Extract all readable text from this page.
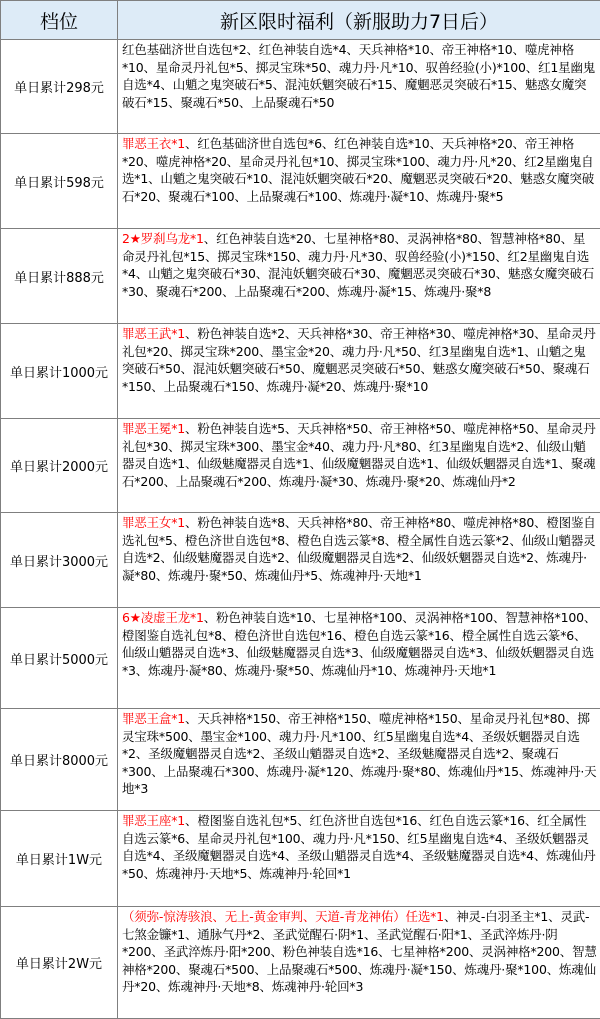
档位	新区限时福利（新服助力7日后）
单日累计298元	红色基础济世自选包*2、红色神装自选*4、天兵神格*10、帝王神格*10、噬虎神格*10、星命灵丹礼包*5、掷灵宝珠*50、魂力丹·凡*10、驭兽经验(小)*100、红1星幽鬼自选*4、山魈之鬼突破石*5、混沌妖魍突破石*15、魔魍恶灵突破石*15、魅惑女魔突破石*15、聚魂石*50、上品聚魂石*50
单日累计598元	罪恶王衣*1、红色基础济世自选包*6、红色神装自选*10、天兵神格*20、帝王神格*20、噬虎神格*20、星命灵丹礼包*10、掷灵宝珠*100、魂力丹·凡*20、红2星幽鬼自选*1、山魈之鬼突破石*10、混沌妖魍突破石*20、魔魍恶灵突破石*20、魅惑女魔突破石*20、聚魂石*100、上品聚魂石*100、炼魂丹·凝*10、炼魂丹·聚*5
单日累计888元	2★罗刹乌龙*1、红色神装自选*20、七星神格*80、灵涡神格*80、智慧神格*80、星命灵丹礼包*15、掷灵宝珠*150、魂力丹·凡*30、驭兽经验(小)*150、红2星幽鬼自选*4、山魈之鬼突破石*30、混沌妖魍突破石*30、魔魍恶灵突破石*30、魅惑女魔突破石*30、聚魂石*200、上品聚魂石*200、炼魂丹·凝*15、炼魂丹·聚*8
单日累计1000元	罪恶王武*1、粉色神装自选*2、天兵神格*30、帝王神格*30、噬虎神格*30、星命灵丹礼包*20、掷灵宝珠*200、墨宝金*20、魂力丹·凡*50、红3星幽鬼自选*1、山魈之鬼突破石*50、混沌妖魍突破石*50、魔魍恶灵突破石*50、魅惑女魔突破石*50、聚魂石*150、上品聚魂石*150、炼魂丹·凝*20、炼魂丹·聚*10
单日累计2000元	罪恶王冕*1、粉色神装自选*5、天兵神格*50、帝王神格*50、噬虎神格*50、星命灵丹礼包*30、掷灵宝珠*300、墨宝金*40、魂力丹·凡*80、红3星幽鬼自选*2、仙级山魈器灵自选*1、仙级魅魔器灵自选*1、仙级魔魍器灵自选*1、仙级妖魍器灵自选*1、聚魂石*200、上品聚魂石*200、炼魂丹·凝*30、炼魂丹·聚*20、炼魂仙丹*2
单日累计3000元	罪恶王女*1、粉色神装自选*8、天兵神格*80、帝王神格*80、噬虎神格*80、橙图鉴自选礼包*5、橙色济世自选包*8、橙色自选云篆*8、橙全属性自选云篆*2、仙级山魈器灵自选*2、仙级魅魔器灵自选*2、仙级魔魍器灵自选*2、仙级妖魍器灵自选*2、炼魂丹·凝*80、炼魂丹·聚*50、炼魂仙丹*5、炼魂神丹·天地*1
单日累计5000元	6★凌虚王龙*1、粉色神装自选*10、七星神格*100、灵涡神格*100、智慧神格*100、橙图鉴自选礼包*8、橙色济世自选包*16、橙色自选云篆*16、橙全属性自选云篆*6、仙级山魈器灵自选*3、仙级魅魔器灵自选*3、仙级魔魍器灵自选*3、仙级妖魍器灵自选*3、炼魂丹·凝*80、炼魂丹·聚*50、炼魂仙丹*10、炼魂神丹·天地*1
单日累计8000元	罪恶王盒*1、天兵神格*150、帝王神格*150、噬虎神格*150、星命灵丹礼包*80、掷灵宝珠*500、墨宝金*100、魂力丹·凡*100、红5星幽鬼自选*4、圣级妖魍器灵自选*2、圣级魔魍器灵自选*2、圣级山魈器灵自选*2、圣级魅魔器灵自选*2、聚魂石*300、上品聚魂石*300、炼魂丹·凝*120、炼魂丹·聚*80、炼魂仙丹*15、炼魂神丹·天地*3
单日累计1W元	罪恶王座*1、橙图鉴自选礼包*5、红色济世自选包*16、红色自选云篆*16、红全属性自选云篆*6、星命灵丹礼包*100、魂力丹·凡*150、红5星幽鬼自选*4、圣级妖魍器灵自选*4、圣级魔魍器灵自选*4、圣级山魈器灵自选*4、圣级魅魔器灵自选*4、炼魂仙丹*50、炼魂神丹·天地*5、炼魂神丹·轮回*1
单日累计2W元	（须弥-惊涛骇浪、无上-黄金审判、天道-青龙神佑）任选*1、神灵-白羽圣主*1、灵武-七煞金镰*1、通脉气丹*2、圣武觉醒石·阴*1、圣武觉醒石·阳*1、圣武淬炼丹·阴*200、圣武淬炼丹·阳*200、粉色神装自选*16、七星神格*200、灵涡神格*200、智慧神格*200、聚魂石*500、上品聚魂石*500、炼魂丹·凝*150、炼魂丹·聚*100、炼魂仙丹*20、炼魂神丹·天地*8、炼魂神丹·轮回*3
